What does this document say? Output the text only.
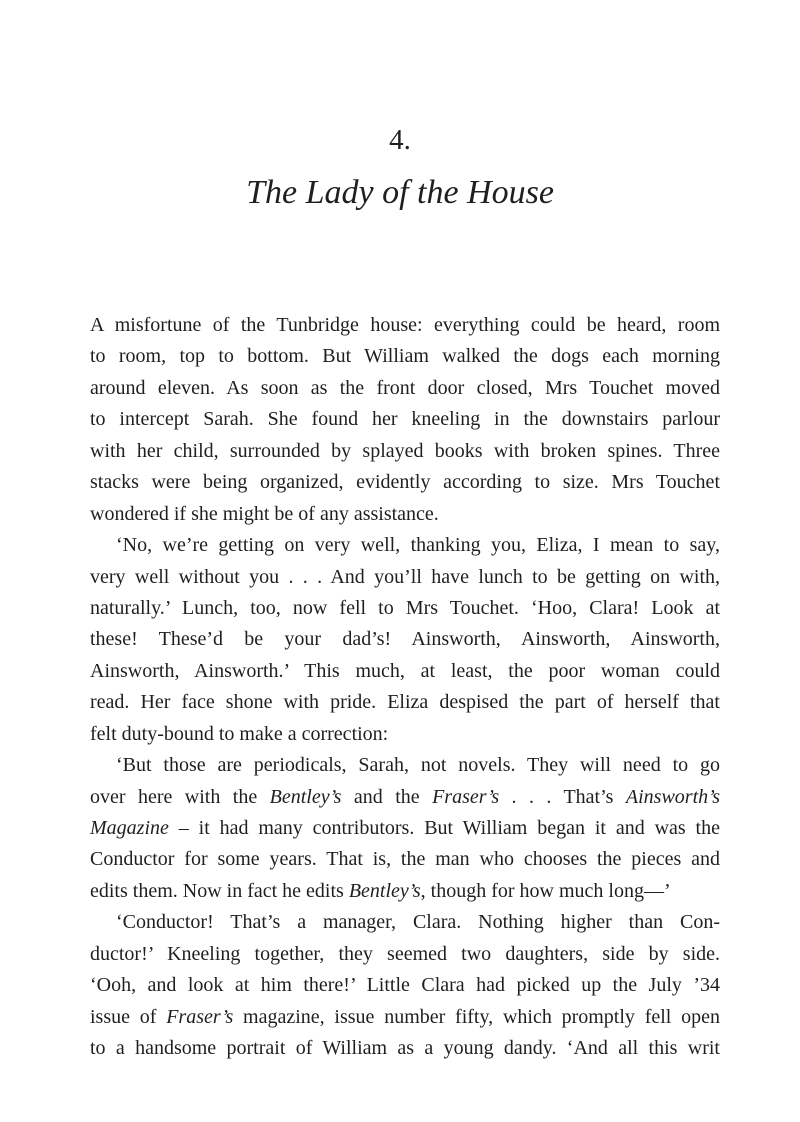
4.
The Lady of the House
A misfortune of the Tunbridge house: everything could be heard, room
to room, top to bottom. But William walked the dogs each morning
around eleven. As soon as the front door closed, Mrs Touchet moved
to intercept Sarah. She found her kneeling in the downstairs parlour
with her child, surrounded by splayed books with broken spines. Three
stacks were being organized, evidently according to size. Mrs Touchet
wondered if she might be of any assistance.
‘No, we’re getting on very well, thanking you, Eliza, I mean to say,
very well without you . . . And you’ll have lunch to be getting on with,
naturally.’ Lunch, too, now fell to Mrs Touchet. ‘Hoo, Clara! Look at
these! These’d be your dad’s! Ainsworth, Ainsworth, Ainsworth,
Ainsworth, Ainsworth.’ This much, at least, the poor woman could
read. Her face shone with pride. Eliza despised the part of herself that
felt duty-bound to make a correction:
‘But those are periodicals, Sarah, not novels. They will need to go
over here with the Bentley’s and the Fraser’s . . . That’s Ainsworth’s
Magazine – it had many contributors. But William began it and was the
Conductor for some years. That is, the man who chooses the pieces and
edits them. Now in fact he edits Bentley’s, though for how much long—’
‘Conductor! That’s a manager, Clara. Nothing higher than Con-
ductor!’ Kneeling together, they seemed two daughters, side by side.
‘Ooh, and look at him there!’ Little Clara had picked up the July ’34
issue of Fraser’s magazine, issue number fifty, which promptly fell open
to a handsome portrait of William as a young dandy. ‘And all this writ
